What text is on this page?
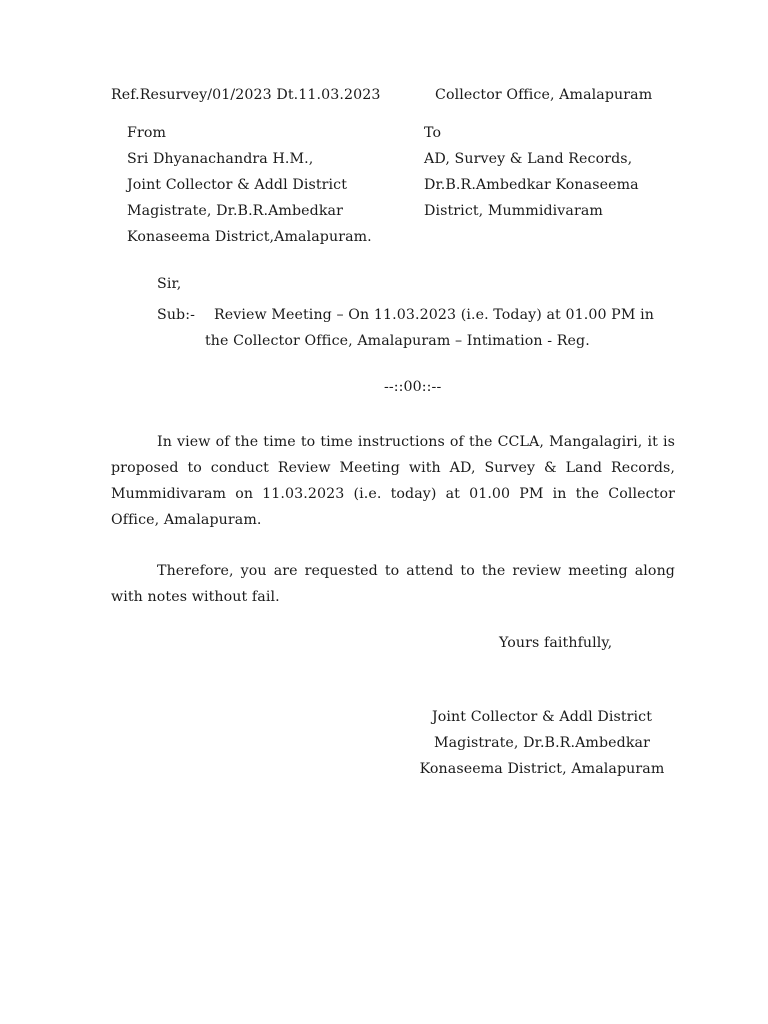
Ref.Resurvey/01/2023 Dt.11.03.2023	Collector Office, Amalapuram
From
Sri Dhyanachandra H.M.,
Joint Collector & Addl District
Magistrate, Dr.B.R.Ambedkar
Konaseema District,Amalapuram.
To
AD, Survey & Land Records,
Dr.B.R.Ambedkar Konaseema
District, Mummidivaram
Sir,
Sub:- Review Meeting – On 11.03.2023 (i.e. Today) at 01.00 PM in
the Collector Office, Amalapuram – Intimation - Reg.
--::00::--
In view of the time to time instructions of the CCLA, Mangalagiri, it is proposed to conduct Review Meeting with AD, Survey & Land Records, Mummidivaram on 11.03.2023 (i.e. today) at 01.00 PM in the Collector Office, Amalapuram.
Therefore, you are requested to attend to the review meeting along with notes without fail.
Yours faithfully,
Joint Collector & Addl District
Magistrate, Dr.B.R.Ambedkar
Konaseema District, Amalapuram
